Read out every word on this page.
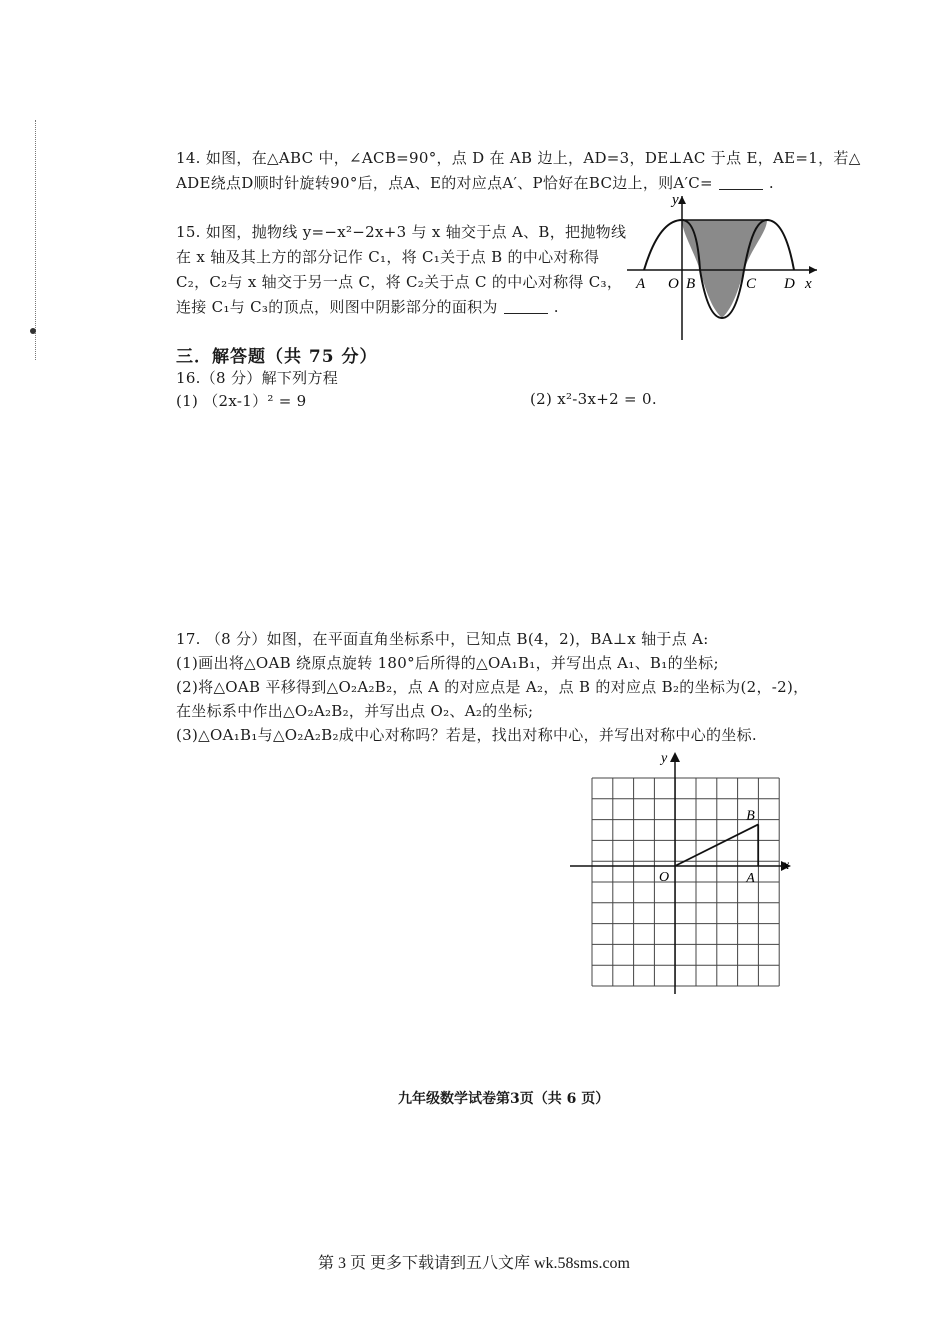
14. 如图，在△ABC 中，∠ACB=90°，点 D 在 AB 边上，AD=3，DE⊥AC 于点 E，AE=1，若△
ADE绕点D顺时针旋转90°后，点A、E的对应点A′、P恰好在BC边上，则A′C=	.
15. 如图，抛物线 y=−x²−2x+3 与 x 轴交于点 A、B，把抛物线
在 x 轴及其上方的部分记作 C₁，将 C₁关于点 B 的中心对称得
C₂，C₂与 x 轴交于另一点 C，将 C₂关于点 C 的中心对称得 C₃，
连接 C₁与 C₃的顶点，则图中阴影部分的面积为	.
A O B	C D x
y
三．解答题（共 75 分）
16.（8 分）解下列方程
(1) （2x-1）² = 9	(2) x²-3x+2 = 0.
17. （8 分）如图，在平面直角坐标系中，已知点 B(4，2)，BA⊥x 轴于点 A:
(1)画出将△OAB 绕原点旋转 180°后所得的△OA₁B₁，并写出点 A₁、B₁的坐标;
(2)将△OAB 平移得到△O₂A₂B₂，点 A 的对应点是 A₂，点 B 的对应点 B₂的坐标为(2，-2)，
在坐标系中作出△O₂A₂B₂，并写出点 O₂、A₂的坐标;
(3)△OA₁B₁与△O₂A₂B₂成中心对称吗？若是，找出对称中心，并写出对称中心的坐标.
O	A
B
x
y
九年级数学试卷第3页（共 6 页）
第 3 页 更多下载请到五八文库 wk.58sms.com
